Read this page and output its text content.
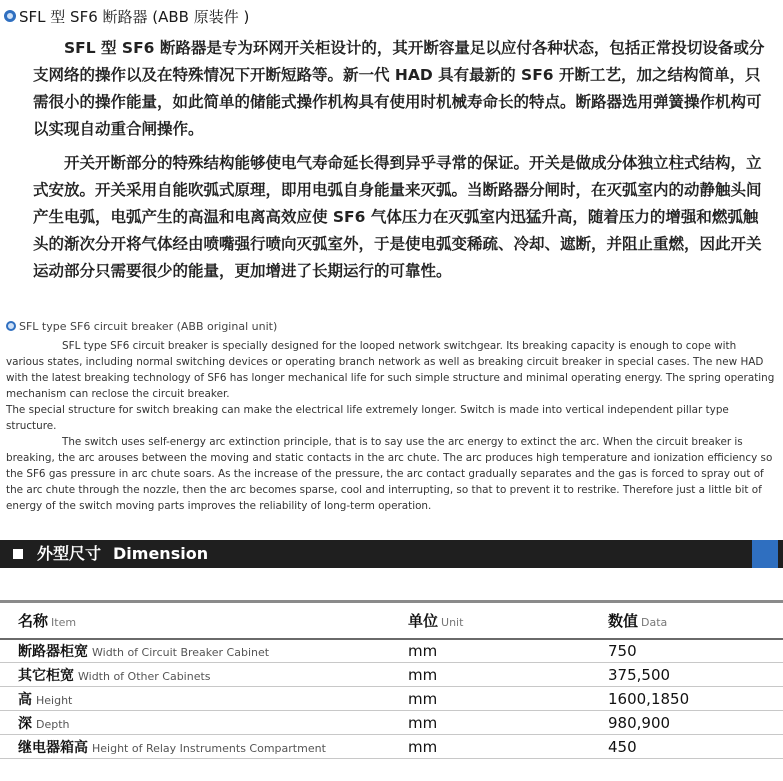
SFL 型 SF6 断路器 (ABB 原装件 )
SFL 型 SF6 断路器是专为环网开关柜设计的，其开断容量足以应付各种状态，包括正常投切设备或分支网络的操作以及在特殊情况下开断短路等。新一代 HAD 具有最新的 SF6 开断工艺，加之结构简单，只需很小的操作能量，如此简单的储能式操作机构具有使用时机械寿命长的特点。断路器选用弹簧操作机构可以实现自动重合闸操作。
开关开断部分的特殊结构能够使电气寿命延长得到异乎寻常的保证。开关是做成分体独立柱式结构，立式安放。开关采用自能吹弧式原理，即用电弧自身能量来灭弧。当断路器分闸时，在灭弧室内的动静触头间产生电弧，电弧产生的高温和电离高效应使 SF6 气体压力在灭弧室内迅猛升高，随着压力的增强和燃弧触头的渐次分开将气体经由喷嘴强行喷向灭弧室外，于是使电弧变稀疏、冷却、遮断，并阻止重燃，因此开关运动部分只需要很少的能量，更加增进了长期运行的可靠性。
SFL type SF6 circuit breaker (ABB original unit)
SFL type SF6 circuit breaker is specially designed for the looped network switchgear. Its breaking capacity is enough to cope with various states, including normal switching devices or operating branch network as well as breaking circuit breaker in special cases. The new HAD with the latest breaking technology of SF6 has longer mechanical life for such simple structure and minimal operating energy. The spring operating mechanism can reclose the circuit breaker.
The special structure for switch breaking can make the electrical life extremely longer. Switch is made into vertical independent pillar type structure.
The switch uses self-energy arc extinction principle, that is to say use the arc energy to extinct the arc. When the circuit breaker is breaking, the arc arouses between the moving and static contacts in the arc chute. The arc produces high temperature and ionization efficiency so the SF6 gas pressure in arc chute soars. As the increase of the pressure, the arc contact gradually separates and the gas is forced to spray out of the arc chute through the nozzle, then the arc becomes sparse, cool and interrupting, so that to prevent it to restrike. Therefore just a little bit of energy of the switch moving parts improves the reliability of long-term operation.
外型尺寸 Dimension
名称 Item	单位 Unit	数值 Data
断路器柜宽 Width of Circuit Breaker Cabinet	mm	750
其它柜宽 Width of Other Cabinets	mm	375,500
高 Height	mm	1600,1850
深 Depth	mm	980,900
继电器箱高 Height of Relay Instruments Compartment	mm	450
